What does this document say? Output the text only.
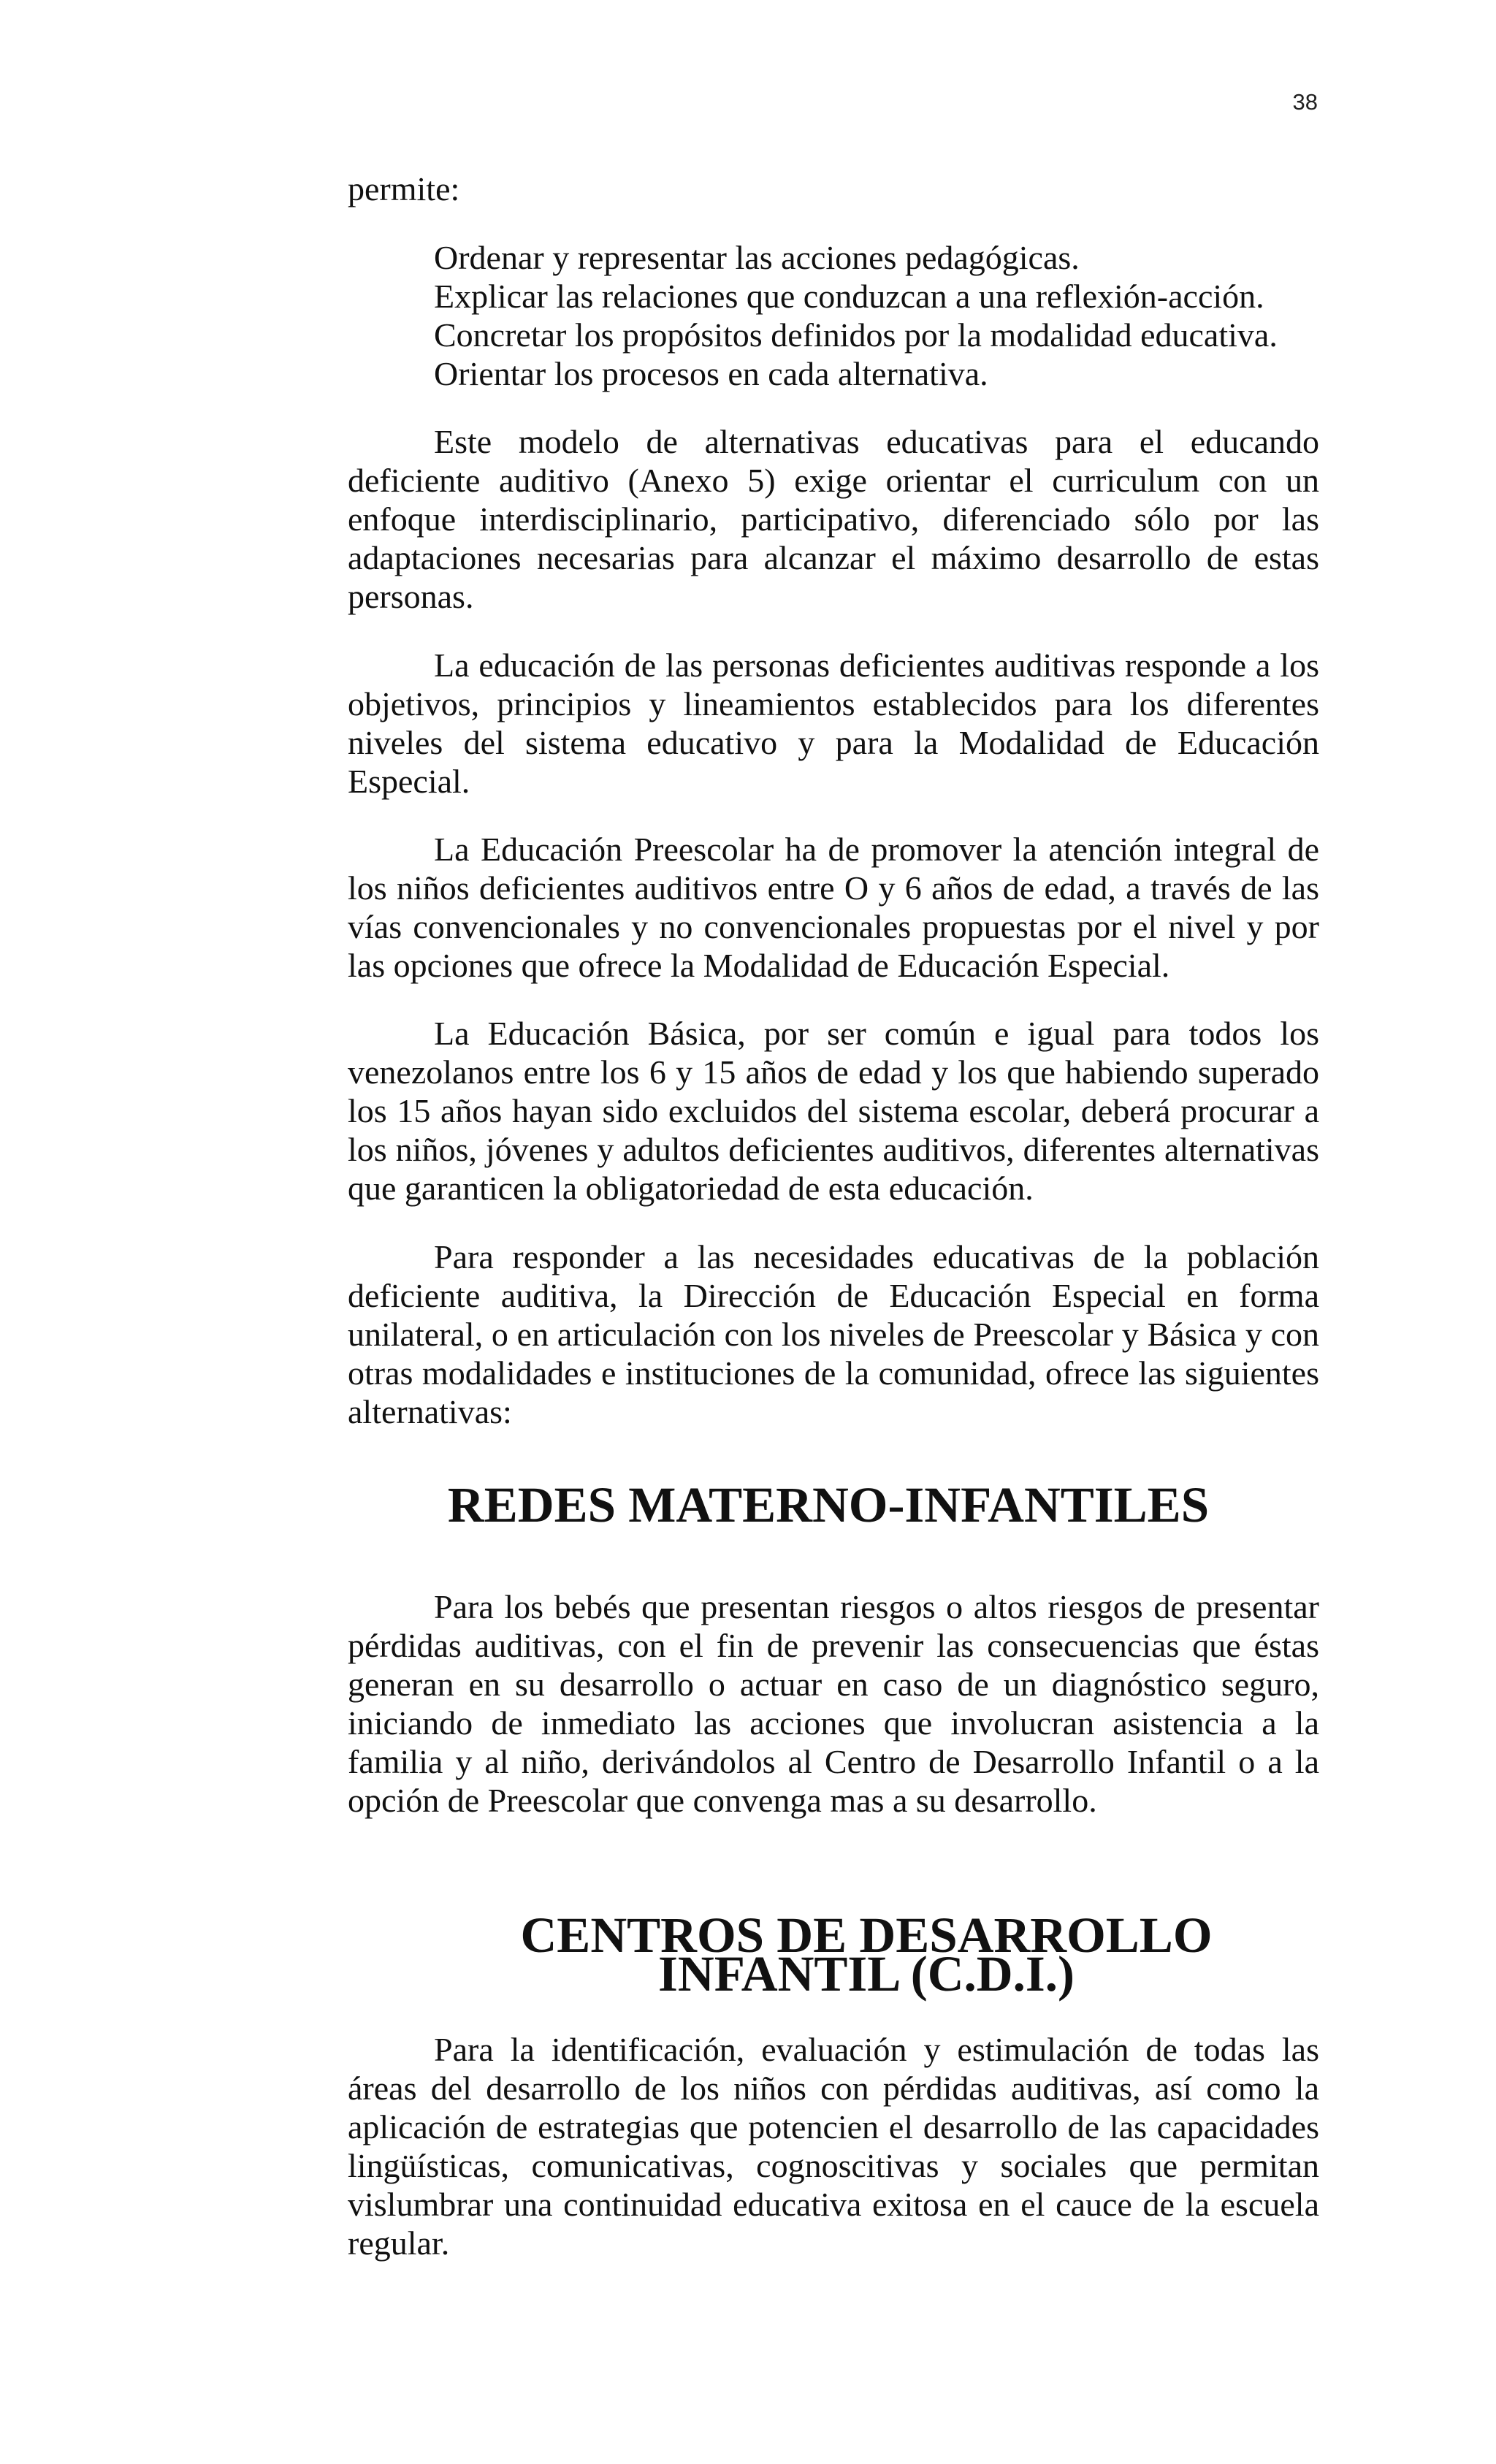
38

permite:

Ordenar y representar las acciones pedagógicas.
Explicar las relaciones que conduzcan a una reflexión-acción.
Concretar los propósitos definidos por la modalidad educativa.
Orientar los procesos en cada alternativa.

Este modelo de alternativas educativas para el educando deficiente auditivo (Anexo 5) exige orientar el curriculum con un enfoque interdisciplinario, participativo, diferenciado sólo por las adaptaciones necesarias para alcanzar el máximo desarrollo de estas personas.

La educación de las personas deficientes auditivas responde a los objetivos, principios y lineamientos establecidos para los diferentes niveles del sistema educativo y para la Modalidad de Educación Especial.

La Educación Preescolar ha de promover la atención integral de los niños deficientes auditivos entre O y 6 años de edad, a través de las vías convencionales y no convencionales propuestas por el nivel y por las opciones que ofrece la Modalidad de Educación Especial.

La Educación Básica, por ser común e igual para todos los venezolanos entre los 6 y 15 años de edad y los que habiendo superado los 15 años hayan sido excluidos del sistema escolar, deberá procurar a los niños, jóvenes y adultos deficientes auditivos, diferentes alternativas que garanticen la obligatoriedad de esta educación.

Para responder a las necesidades educativas de la población deficiente auditiva, la Dirección de Educación Especial en forma unilateral, o en articulación con los niveles de Preescolar y Básica y con otras modalidades e instituciones de la comunidad, ofrece las siguientes alternativas:

REDES MATERNO-INFANTILES

Para los bebés que presentan riesgos o altos riesgos de presentar pérdidas auditivas, con el fin de prevenir las consecuencias que éstas generan en su desarrollo o actuar en caso de un diagnóstico seguro, iniciando de inmediato las acciones que involucran asistencia a la familia y al niño, derivándolos al Centro de Desarrollo Infantil o a la opción de Preescolar que convenga mas a su desarrollo.

CENTROS DE DESARROLLO INFANTIL (C.D.I.)

Para la identificación, evaluación y estimulación de todas las áreas del desarrollo de los niños con pérdidas auditivas, así como la aplicación de estrategias que potencien el desarrollo de las capacidades lingüísticas, comunicativas, cognoscitivas y sociales que permitan vislumbrar una continuidad educativa exitosa en el cauce de la escuela regular.
